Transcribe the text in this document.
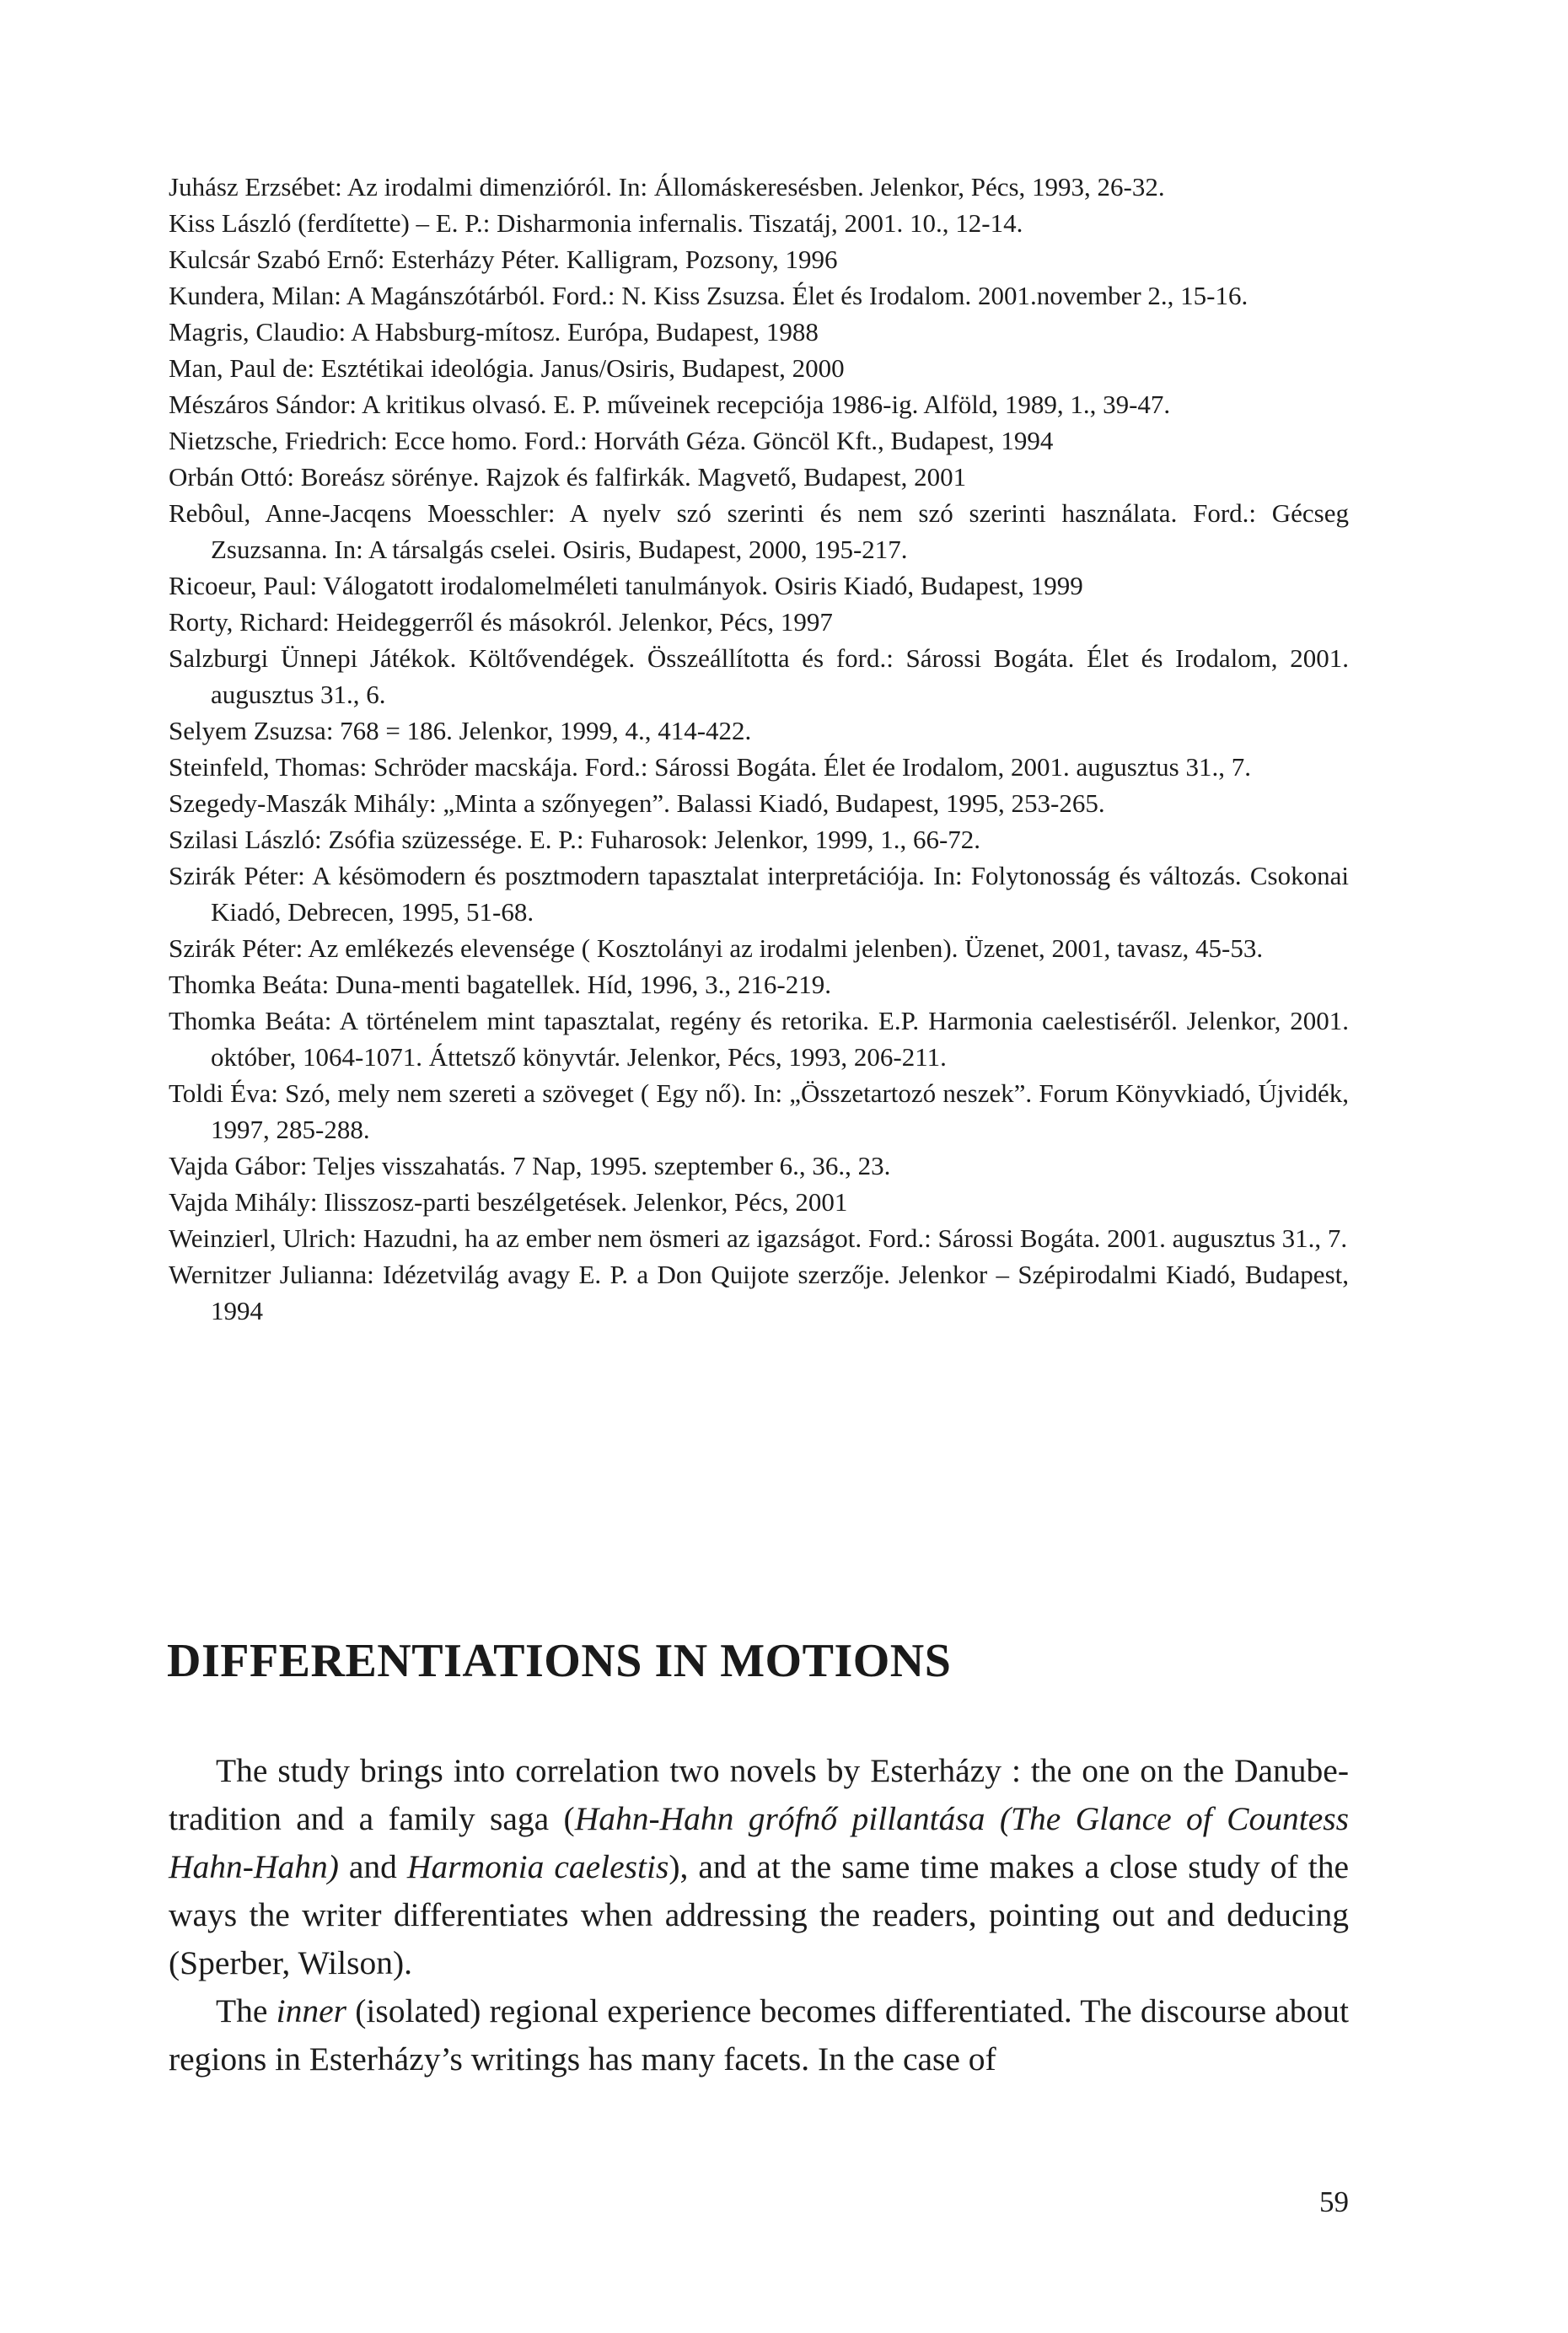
Juhász Erzsébet: Az irodalmi dimenzióról. In: Állomáskeresésben. Jelenkor, Pécs, 1993, 26-32.
Kiss László (ferdítette) – E. P.: Disharmonia infernalis. Tiszatáj, 2001. 10., 12-14.
Kulcsár Szabó Ernő: Esterházy Péter. Kalligram, Pozsony, 1996
Kundera, Milan: A Magánszótárból. Ford.: N. Kiss Zsuzsa. Élet és Irodalom. 2001.november 2., 15-16.
Magris, Claudio: A Habsburg-mítosz. Európa, Budapest, 1988
Man, Paul de: Esztétikai ideológia. Janus/Osiris, Budapest, 2000
Mészáros Sándor: A kritikus olvasó. E. P. műveinek recepciója 1986-ig. Alföld, 1989, 1., 39-47.
Nietzsche, Friedrich: Ecce homo. Ford.: Horváth Géza. Göncöl Kft., Budapest, 1994
Orbán Ottó: Boreász sörénye. Rajzok és falfirkák. Magvető, Budapest, 2001
Rebôul, Anne-Jacqens Moesschler: A nyelv szó szerinti és nem szó szerinti használata. Ford.: Gécseg Zsuzsanna. In: A társalgás cselei. Osiris, Budapest, 2000, 195-217.
Ricoeur, Paul: Válogatott irodalomelméleti tanulmányok. Osiris Kiadó, Budapest, 1999
Rorty, Richard: Heideggerről és másokról. Jelenkor, Pécs, 1997
Salzburgi Ünnepi Játékok. Költővendégek. Összeállította és ford.: Sárossi Bogáta. Élet és Irodalom, 2001. augusztus 31., 6.
Selyem Zsuzsa: 768 = 186. Jelenkor, 1999, 4., 414-422.
Steinfeld, Thomas: Schröder macskája. Ford.: Sárossi Bogáta. Élet ée Irodalom, 2001. augusztus 31., 7.
Szegedy-Maszák Mihály: „Minta a szőnyegen”. Balassi Kiadó, Budapest, 1995, 253-265.
Szilasi László: Zsófia szüzessége. E. P.: Fuharosok: Jelenkor, 1999, 1., 66-72.
Szirák Péter: A késömodern és posztmodern tapasztalat interpretációja. In: Folytonosság és változás. Csokonai Kiadó, Debrecen, 1995, 51-68.
Szirák Péter: Az emlékezés elevensége ( Kosztolányi az irodalmi jelenben). Üzenet, 2001, tavasz, 45-53.
Thomka Beáta: Duna-menti bagatellek. Híd, 1996, 3., 216-219.
Thomka Beáta: A történelem mint tapasztalat, regény és retorika. E.P. Harmonia caelestiséről. Jelenkor, 2001. október, 1064-1071. Áttetsző könyvtár. Jelenkor, Pécs, 1993, 206-211.
Toldi Éva: Szó, mely nem szereti a szöveget ( Egy nő). In: „Összetartozó neszek”. Forum Könyvkiadó, Újvidék, 1997, 285-288.
Vajda Gábor: Teljes visszahatás. 7 Nap, 1995. szeptember 6., 36., 23.
Vajda Mihály: Ilisszosz-parti beszélgetések. Jelenkor, Pécs, 2001
Weinzierl, Ulrich: Hazudni, ha az ember nem ösmeri az igazságot. Ford.: Sárossi Bogáta. 2001. augusztus 31., 7.
Wernitzer Julianna: Idézetvilág avagy E. P. a Don Quijote szerzője. Jelenkor – Szépirodalmi Kiadó, Budapest, 1994
DIFFERENTIATIONS IN MOTIONS

The study brings into correlation two novels by Esterházy : the one on the Danube-tradition and a family saga (Hahn-Hahn grófnő pillantása (The Glance of Countess Hahn-Hahn) and Harmonia caelestis), and at the same time makes a close study of the ways the writer differentiates when addressing the readers, pointing out and deducing (Sperber, Wilson).

The inner (isolated) regional experience becomes differentiated. The discourse about regions in Esterházy’s writings has many facets. In the case of

59
